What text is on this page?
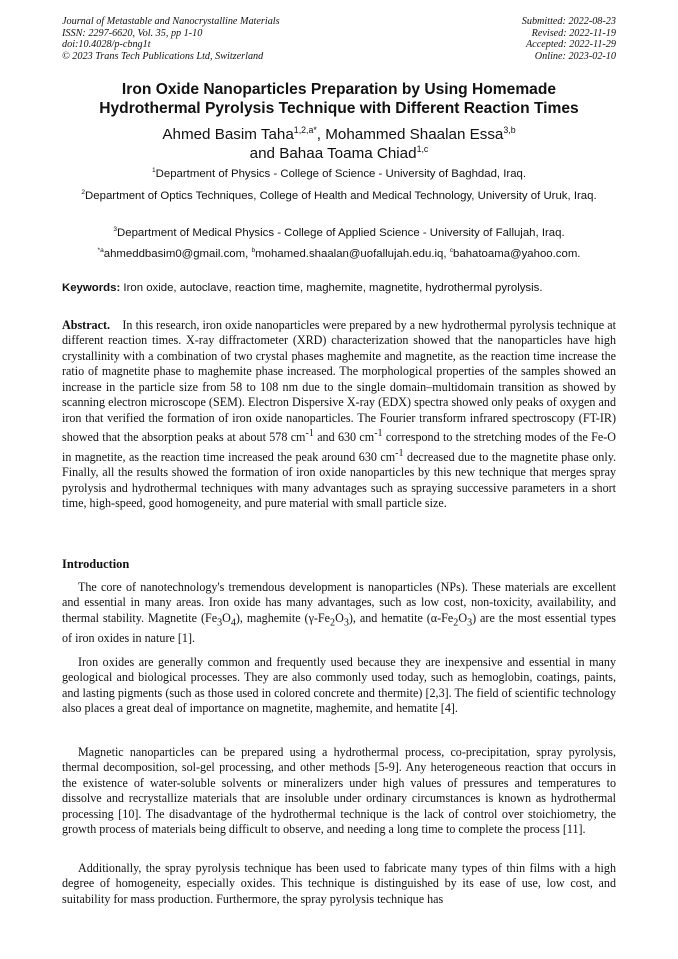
Journal of Metastable and Nanocrystalline Materials
ISSN: 2297-6620, Vol. 35, pp 1-10
doi:10.4028/p-cbng1t
© 2023 Trans Tech Publications Ltd, Switzerland
Submitted: 2022-08-23
Revised: 2022-11-19
Accepted: 2022-11-29
Online: 2023-02-10
Iron Oxide Nanoparticles Preparation by Using Homemade
Hydrothermal Pyrolysis Technique with Different Reaction Times
Ahmed Basim Taha$^{1,2,a*}$, Mohammed Shaalan Essa$^{3,b}$
and Bahaa Toama Chiad$^{1,c}$
$^1$Department of Physics - College of Science - University of Baghdad, Iraq.
$^2$Department of Optics Techniques, College of Health and Medical Technology, University of Uruk, Iraq.
$^3$Department of Medical Physics - College of Applied Science - University of Fallujah, Iraq.
$^{*a}$ahmeddbasim0@gmail.com, $^b$mohamed.shaalan@uofallujah.edu.iq, $^c$bahatoama@yahoo.com.
Keywords: Iron oxide, autoclave, reaction time, maghemite, magnetite, hydrothermal pyrolysis.
Abstract. In this research, iron oxide nanoparticles were prepared by a new hydrothermal pyrolysis technique at different reaction times. X-ray diffractometer (XRD) characterization showed that the nanoparticles have high crystallinity with a combination of two crystal phases maghemite and magnetite, as the reaction time increase the ratio of magnetite phase to maghemite phase increased. The morphological properties of the samples showed an increase in the particle size from 58 to 108 nm due to the single domain–multidomain transition as showed by scanning electron microscope (SEM). Electron Dispersive X-ray (EDX) spectra showed only peaks of oxygen and iron that verified the formation of iron oxide nanoparticles. The Fourier transform infrared spectroscopy (FT-IR) showed that the absorption peaks at about 578 $cm^{-1}$ and 630 $cm^{-1}$ correspond to the stretching modes of the Fe-O in magnetite, as the reaction time increased the peak around 630 $cm^{-1}$ decreased due to the magnetite phase only. Finally, all the results showed the formation of iron oxide nanoparticles by this new technique that merges spray pyrolysis and hydrothermal techniques with many advantages such as spraying successive parameters in a short time, high-speed, good homogeneity, and pure material with small particle size.
Introduction
The core of nanotechnology's tremendous development is nanoparticles (NPs). These materials are excellent and essential in many areas. Iron oxide has many advantages, such as low cost, non-toxicity, availability, and thermal stability. Magnetite $(Fe_3O_4)$, maghemite $(\gamma-Fe_2O_3)$, and hematite $(\alpha-Fe_2O_3)$ are the most essential types of iron oxides in nature [1].
Iron oxides are generally common and frequently used because they are inexpensive and essential in many geological and biological processes. They are also commonly used today, such as hemoglobin, coatings, paints, and lasting pigments (such as those used in colored concrete and thermite) [2,3]. The field of scientific technology also places a great deal of importance on magnetite, maghemite, and hematite [4].
Magnetic nanoparticles can be prepared using a hydrothermal process, co-precipitation, spray pyrolysis, thermal decomposition, sol-gel processing, and other methods [5-9]. Any heterogeneous reaction that occurs in the existence of water-soluble solvents or mineralizers under high values of pressures and temperatures to dissolve and recrystallize materials that are insoluble under ordinary circumstances is known as hydrothermal processing [10]. The disadvantage of the hydrothermal technique is the lack of control over stoichiometry, the growth process of materials being difficult to observe, and needing a long time to complete the process [11].
Additionally, the spray pyrolysis technique has been used to fabricate many types of thin films with a high degree of homogeneity, especially oxides. This technique is distinguished by its ease of use, low cost, and suitability for mass production. Furthermore, the spray pyrolysis technique has
